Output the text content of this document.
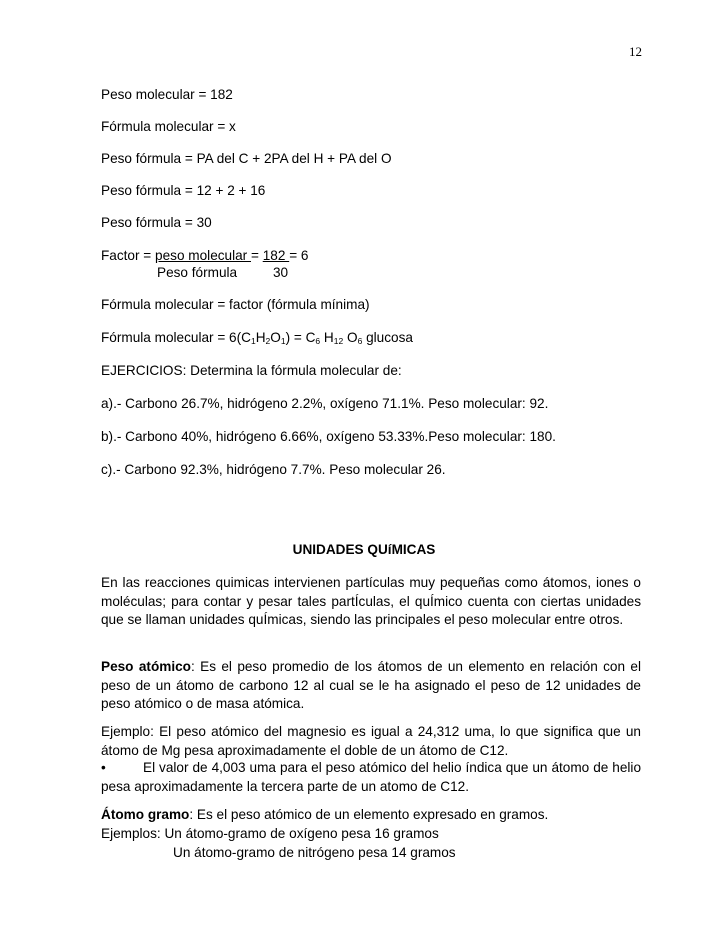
12
Peso molecular = 182
Fórmula molecular = x
Peso fórmula = PA del C + 2PA del H + PA del O
Peso fórmula = 12 + 2 + 16
Peso fórmula = 30
Factor = peso molecular = 182 = 6
Peso fórmula	30
Fórmula molecular = factor (fórmula mínima)
Fórmula molecular = $6(C_1H_2O_1) = C_6$ $H_{12}$ $O_6$ glucosa
EJERCICIOS: Determina la fórmula molecular de:
a).- Carbono 26.7%, hidrógeno 2.2%, oxígeno 71.1%. Peso molecular: 92.
b).- Carbono 40%, hidrógeno 6.66%, oxígeno 53.33%.Peso molecular: 180.
c).- Carbono 92.3%, hidrógeno 7.7%. Peso molecular 26.
UNIDADES QUíMICAS
En las reacciones quimicas intervienen partículas muy pequeñas como átomos, iones o moléculas; para contar y pesar tales partÍculas, el quÍmico cuenta con ciertas unidades que se llaman unidades quÍmicas, siendo las principales el peso molecular entre otros.
Peso atómico: Es el peso promedio de los átomos de un elemento en relación con el peso de un átomo de carbono 12 al cual se le ha asignado el peso de 12 unidades de peso atómico o de masa atómica.
Ejemplo: El peso atómico del magnesio es igual a 24,312 uma, lo que significa que un átomo de Mg pesa aproximadamente el doble de un átomo de C12.
•	El valor de 4,003 uma para el peso atómico del helio índica que un átomo de helio pesa aproximadamente la tercera parte de un atomo de C12.
Átomo gramo: Es el peso atómico de un elemento expresado en gramos.
Ejemplos: Un átomo-gramo de oxígeno pesa 16 gramos
Un átomo-gramo de nitrógeno pesa 14 gramos
